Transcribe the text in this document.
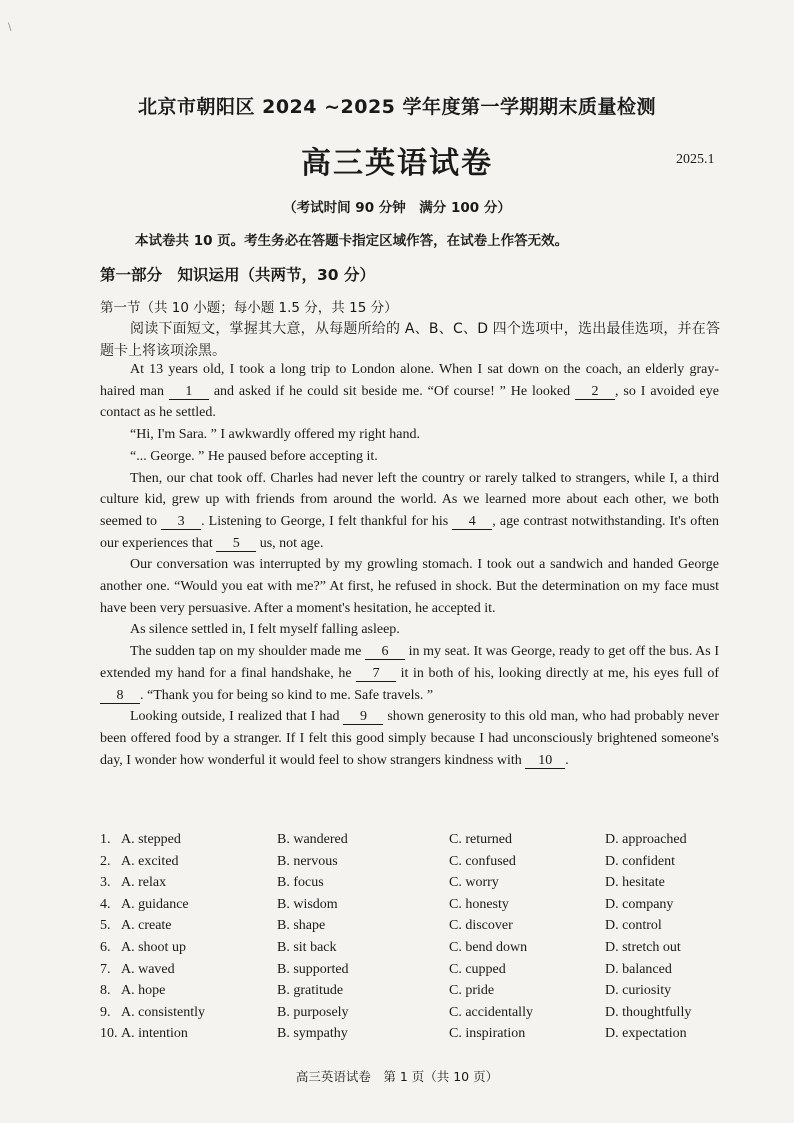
\
北京市朝阳区 2024 ~2025 学年度第一学期期末质量检测
高三英语试卷	2025.1
（考试时间 90 分钟　满分 100 分）
本试卷共 10 页。考生务必在答题卡指定区域作答，在试卷上作答无效。
第一部分　知识运用（共两节，30 分）
第一节（共 10 小题；每小题 1.5 分，共 15 分）
阅读下面短文，掌握其大意，从每题所给的 A、B、C、D 四个选项中，选出最佳选项，并在答题卡上将该项涂黑。

At 13 years old, I took a long trip to London alone. When I sat down on the coach, an elderly gray-haired man 1 and asked if he could sit beside me. “Of course! ” He looked 2 , so I avoided eye contact as he settled.

“Hi, I'm Sara. ” I awkwardly offered my right hand.

“... George. ” He paused before accepting it.

Then, our chat took off. Charles had never left the country or rarely talked to strangers, while I, a third culture kid, grew up with friends from around the world. As we learned more about each other, we both seemed to 3 . Listening to George, I felt thankful for his 4 , age contrast notwithstanding. It's often our experiences that 5 us, not age.

Our conversation was interrupted by my growling stomach. I took out a sandwich and handed George another one. “Would you eat with me?” At first, he refused in shock. But the determination on my face must have been very persuasive. After a moment's hesitation, he accepted it.

As silence settled in, I felt myself falling asleep.

The sudden tap on my shoulder made me 6 in my seat. It was George, ready to get off the bus. As I extended my hand for a final handshake, he 7 it in both of his, looking directly at me, his eyes full of 8 . “Thank you for being so kind to me. Safe travels. ”

Looking outside, I realized that I had 9 shown generosity to this old man, who had probably never been offered food by a stranger. If I felt this good simply because I had unconsciously brightened someone's day, I wonder how wonderful it would feel to show strangers kindness with 10 .

1. A. stepped	B. wandered	C. returned	D. approached
2. A. excited	B. nervous	C. confused	D. confident
3. A. relax	B. focus	C. worry	D. hesitate
4. A. guidance	B. wisdom	C. honesty	D. company
5. A. create	B. shape	C. discover	D. control
6. A. shoot up	B. sit back	C. bend down	D. stretch out
7. A. waved	B. supported	C. cupped	D. balanced
8. A. hope	B. gratitude	C. pride	D. curiosity
9. A. consistently	B. purposely	C. accidentally	D. thoughtfully
10. A. intention	B. sympathy	C. inspiration	D. expectation
高三英语试卷　第 1 页（共 10 页）
